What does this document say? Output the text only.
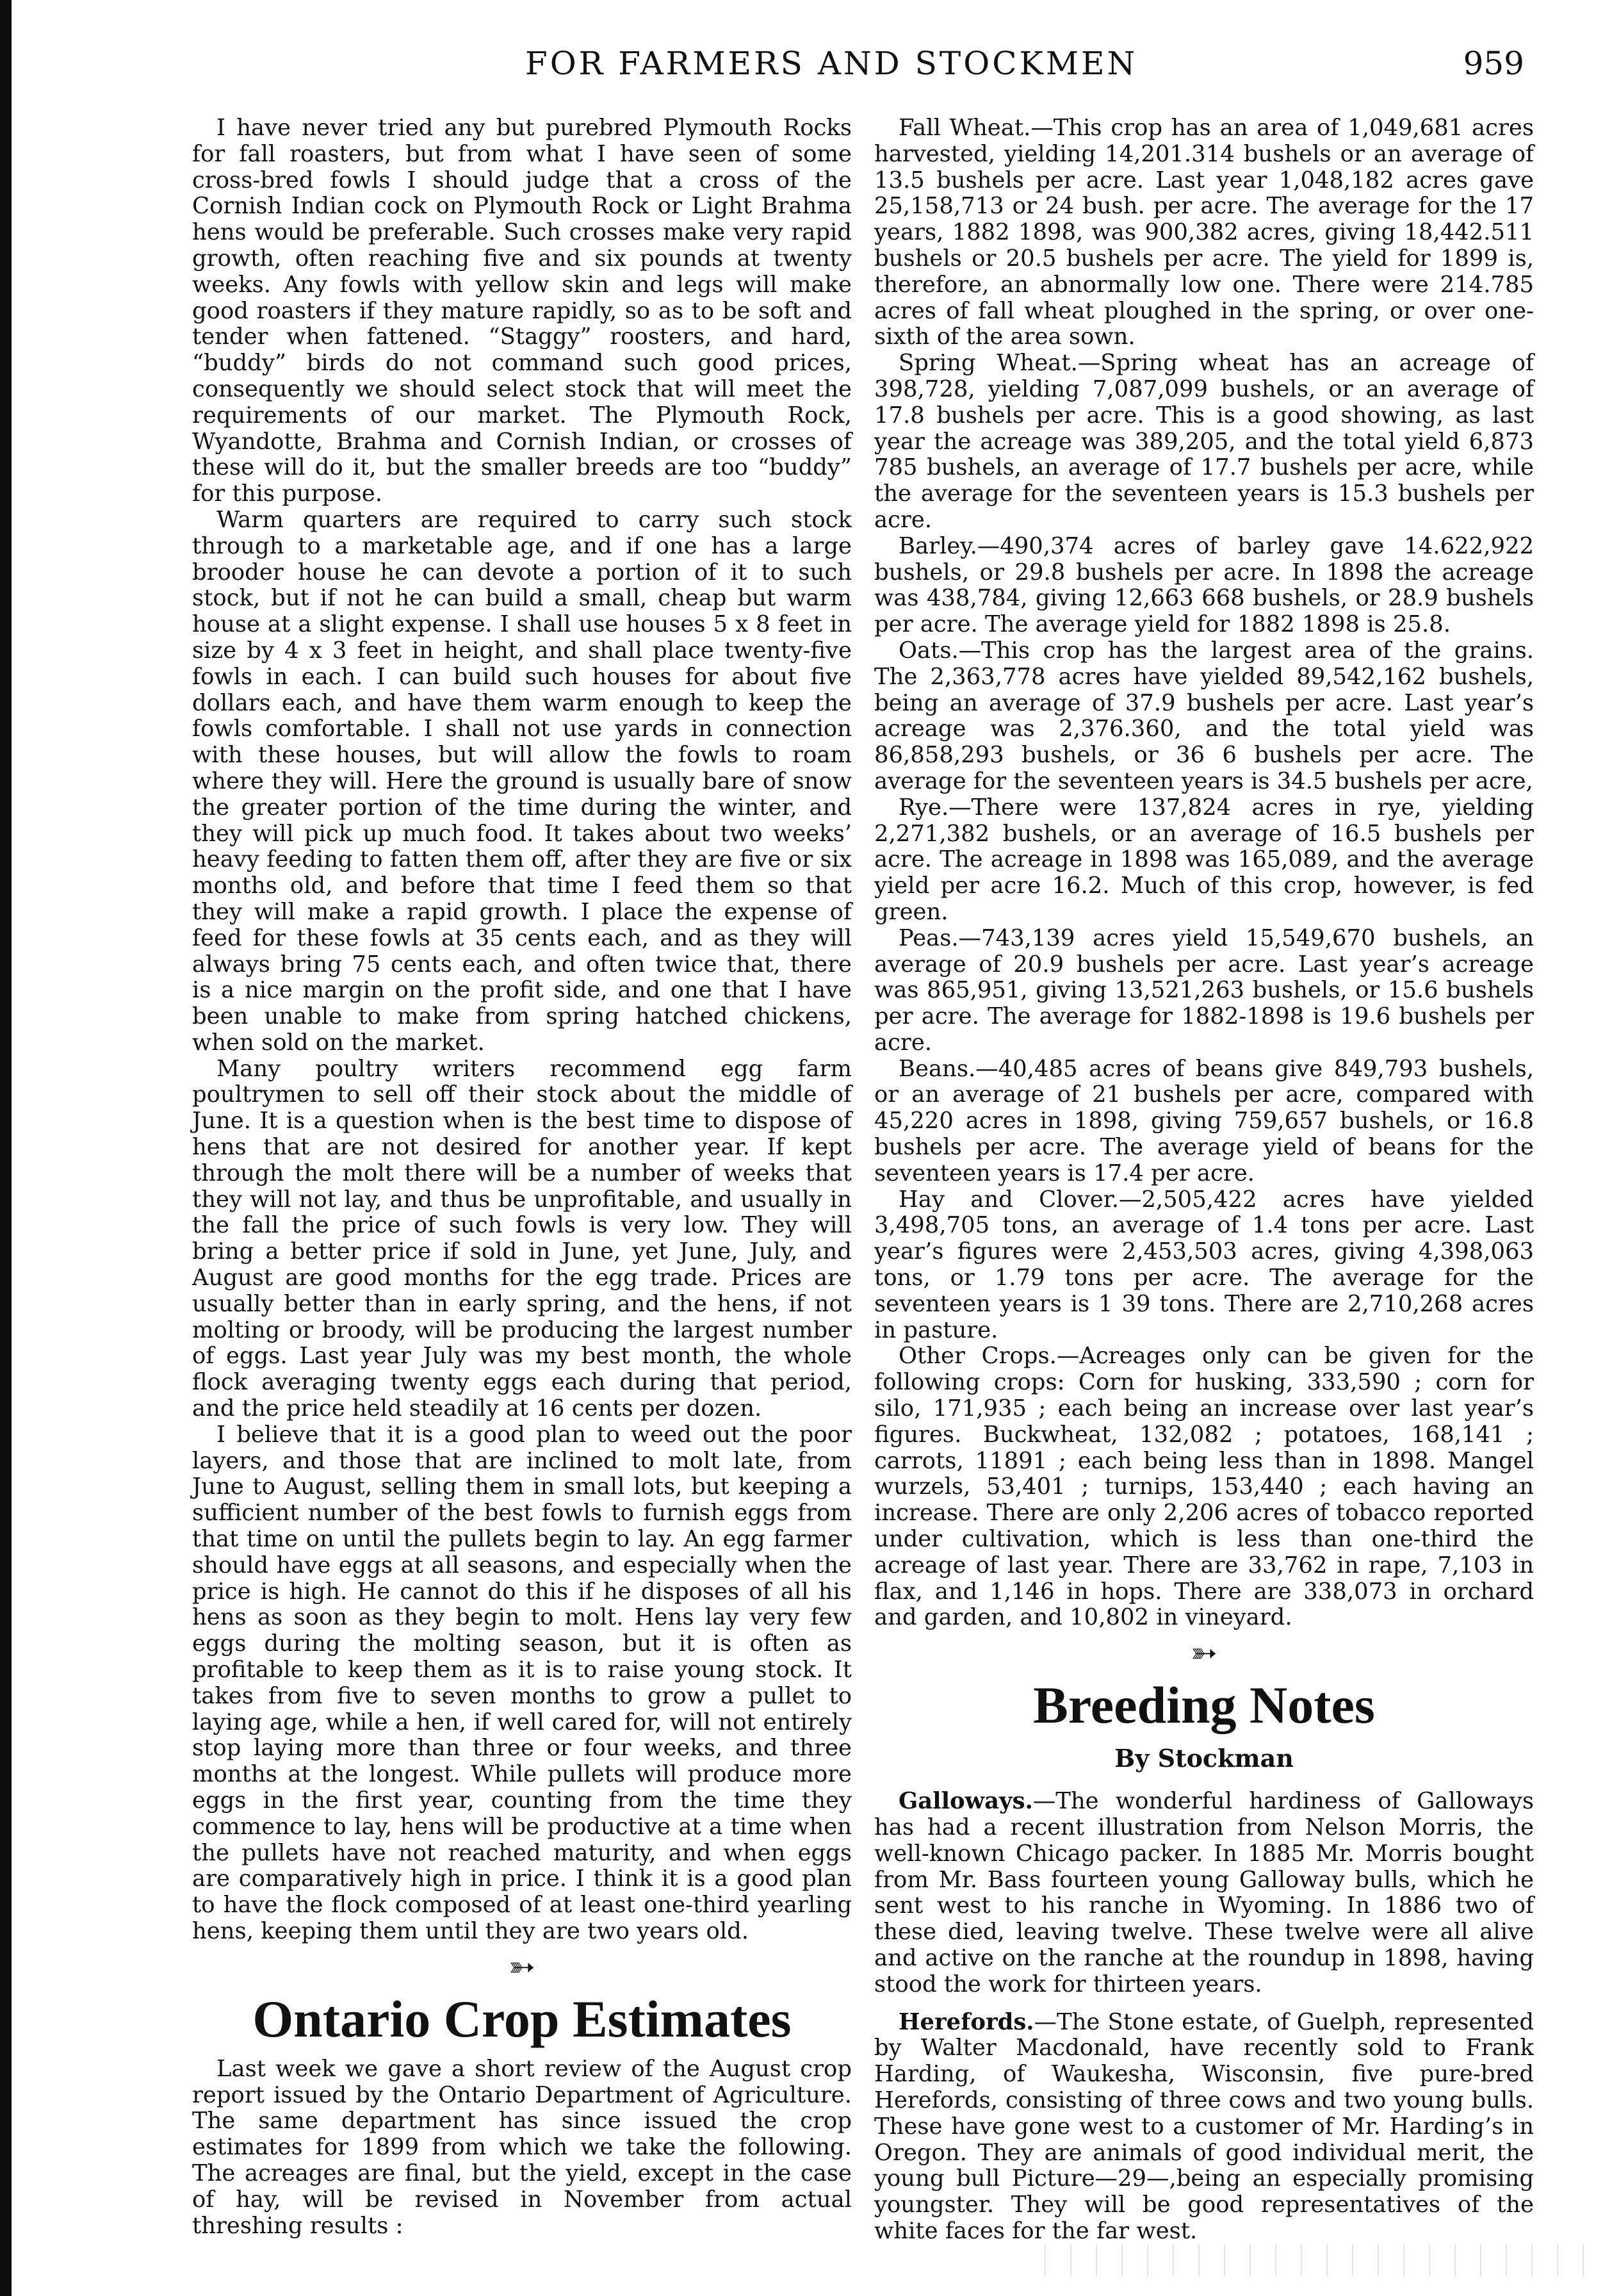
FOR FARMERS AND STOCKMEN	959

I have never tried any but purebred Plymouth Rocks for fall roasters, but from what I have seen of some cross-bred fowls I should judge that a cross of the Cornish Indian cock on Plymouth Rock or Light Brahma hens would be preferable. Such crosses make very rapid growth, often reaching five and six pounds at twenty weeks. Any fowls with yellow skin and legs will make good roasters if they mature rapidly, so as to be soft and tender when fattened. “Staggy” roosters, and hard, “buddy” birds do not command such good prices, consequently we should select stock that will meet the requirements of our market. The Plymouth Rock, Wyandotte, Brahma and Cornish Indian, or crosses of these will do it, but the smaller breeds are too “buddy” for this purpose.

Warm quarters are required to carry such stock through to a marketable age, and if one has a large brooder house he can devote a portion of it to such stock, but if not he can build a small, cheap but warm house at a slight expense. I shall use houses 5 x 8 feet in size by 4 x 3 feet in height, and shall place twenty-five fowls in each. I can build such houses for about five dollars each, and have them warm enough to keep the fowls comfortable. I shall not use yards in connection with these houses, but will allow the fowls to roam where they will. Here the ground is usually bare of snow the greater portion of the time during the winter, and they will pick up much food. It takes about two weeks’ heavy feeding to fatten them off, after they are five or six months old, and before that time I feed them so that they will make a rapid growth. I place the expense of feed for these fowls at 35 cents each, and as they will always bring 75 cents each, and often twice that, there is a nice margin on the profit side, and one that I have been unable to make from spring hatched chickens, when sold on the market.

Many poultry writers recommend egg farm poultrymen to sell off their stock about the middle of June. It is a question when is the best time to dispose of hens that are not desired for another year. If kept through the molt there will be a number of weeks that they will not lay, and thus be unprofitable, and usually in the fall the price of such fowls is very low. They will bring a better price if sold in June, yet June, July, and August are good months for the egg trade. Prices are usually better than in early spring, and the hens, if not molting or broody, will be producing the largest number of eggs. Last year July was my best month, the whole flock averaging twenty eggs each during that period, and the price held steadily at 16 cents per dozen.

I believe that it is a good plan to weed out the poor layers, and those that are inclined to molt late, from June to August, selling them in small lots, but keeping a sufficient number of the best fowls to furnish eggs from that time on until the pullets begin to lay. An egg farmer should have eggs at all seasons, and especially when the price is high. He cannot do this if he disposes of all his hens as soon as they begin to molt. Hens lay very few eggs during the molting season, but it is often as profitable to keep them as it is to raise young stock. It takes from five to seven months to grow a pullet to laying age, while a hen, if well cared for, will not entirely stop laying more than three or four weeks, and three months at the longest. While pullets will produce more eggs in the first year, counting from the time they commence to lay, hens will be productive at a time when the pullets have not reached maturity, and when eggs are comparatively high in price. I think it is a good plan to have the flock composed of at least one-third yearling hens, keeping them until they are two years old.

➳
Ontario Crop Estimates

Last week we gave a short review of the August crop report issued by the Ontario Department of Agriculture. The same department has since issued the crop estimates for 1899 from which we take the following. The acreages are final, but the yield, except in the case of hay, will be revised in November from actual threshing results :

Fall Wheat.—This crop has an area of 1,049,681 acres harvested, yielding 14,201.314 bushels or an average of 13.5 bushels per acre. Last year 1,048,182 acres gave 25,158,713 or 24 bush. per acre. The average for the 17 years, 1882 1898, was 900,382 acres, giving 18,442.511 bushels or 20.5 bushels per acre. The yield for 1899 is, therefore, an abnormally low one. There were 214.785 acres of fall wheat ploughed in the spring, or over one-sixth of the area sown.

Spring Wheat.—Spring wheat has an acreage of 398,728, yielding 7,087,099 bushels, or an average of 17.8 bushels per acre. This is a good showing, as last year the acreage was 389,205, and the total yield 6,873 785 bushels, an average of 17.7 bushels per acre, while the average for the seventeen years is 15.3 bushels per acre.

Barley.—490,374 acres of barley gave 14.622,922 bushels, or 29.8 bushels per acre. In 1898 the acreage was 438,784, giving 12,663 668 bushels, or 28.9 bushels per acre. The average yield for 1882 1898 is 25.8.

Oats.—This crop has the largest area of the grains. The 2,363,778 acres have yielded 89,542,162 bushels, being an average of 37.9 bushels per acre. Last year’s acreage was 2,376.360, and the total yield was 86,858,293 bushels, or 36 6 bushels per acre. The average for the seventeen years is 34.5 bushels per acre,

Rye.—There were 137,824 acres in rye, yielding 2,271,382 bushels, or an average of 16.5 bushels per acre. The acreage in 1898 was 165,089, and the average yield per acre 16.2. Much of this crop, however, is fed green.

Peas.—743,139 acres yield 15,549,670 bushels, an average of 20.9 bushels per acre. Last year’s acreage was 865,951, giving 13,521,263 bushels, or 15.6 bushels per acre. The average for 1882-1898 is 19.6 bushels per acre.

Beans.—40,485 acres of beans give 849,793 bushels, or an average of 21 bushels per acre, compared with 45,220 acres in 1898, giving 759,657 bushels, or 16.8 bushels per acre. The average yield of beans for the seventeen years is 17.4 per acre.

Hay and Clover.—2,505,422 acres have yielded 3,498,705 tons, an average of 1.4 tons per acre. Last year’s figures were 2,453,503 acres, giving 4,398,063 tons, or 1.79 tons per acre. The average for the seventeen years is 1 39 tons. There are 2,710,268 acres in pasture.

Other Crops.—Acreages only can be given for the following crops: Corn for husking, 333,590 ; corn for silo, 171,935 ; each being an increase over last year’s figures. Buckwheat, 132,082 ; potatoes, 168,141 ; carrots, 11891 ; each being less than in 1898. Mangel wurzels, 53,401 ; turnips, 153,440 ; each having an increase. There are only 2,206 acres of tobacco reported under cultivation, which is less than one-third the acreage of last year. There are 33,762 in rape, 7,103 in flax, and 1,146 in hops. There are 338,073 in orchard and garden, and 10,802 in vineyard.

➳
Breeding Notes
By Stockman

Galloways.—The wonderful hardiness of Galloways has had a recent illustration from Nelson Morris, the well-known Chicago packer. In 1885 Mr. Morris bought from Mr. Bass fourteen young Galloway bulls, which he sent west to his ranche in Wyoming. In 1886 two of these died, leaving twelve. These twelve were all alive and active on the ranche at the roundup in 1898, having stood the work for thirteen years.

Herefords.—The Stone estate, of Guelph, represented by Walter Macdonald, have recently sold to Frank Harding, of Waukesha, Wisconsin, five pure-bred Herefords, consisting of three cows and two young bulls. These have gone west to a customer of Mr. Harding’s in Oregon. They are animals of good individual merit, the young bull Picture—29—,being an especially promising youngster. They will be good representatives of the white faces for the far west.
